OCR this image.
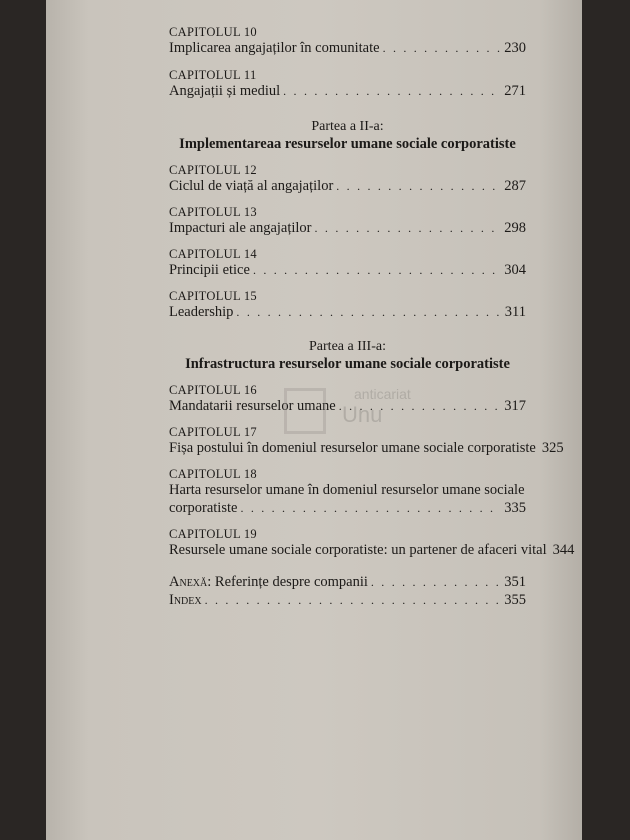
CAPITOLUL 10
Implicarea angajaților în comunitate . . .	230
CAPITOLUL 11
Angajații și mediul . . .	271
Partea a II-a:
Implementareaa resurselor umane sociale corporatiste
CAPITOLUL 12
Ciclul de viață al angajaților . . .	287
CAPITOLUL 13
Impacturi ale angajaților . . .	298
CAPITOLUL 14
Principii etice . . .	304
CAPITOLUL 15
Leadership . . .	311
Partea a III-a:
Infrastructura resurselor umane sociale corporatiste
CAPITOLUL 16
Mandatarii resurselor umane . . .	317
CAPITOLUL 17
Fișa postului în domeniul resurselor umane sociale corporatiste 325
CAPITOLUL 18
Harta resurselor umane în domeniul resurselor umane sociale
corporatiste . . .	335
CAPITOLUL 19
Resursele umane sociale corporatiste: un partener de afaceri vital 344
Anexă: Referințe despre companii . . .	351
Index . . .	355
anticariat
Unu
